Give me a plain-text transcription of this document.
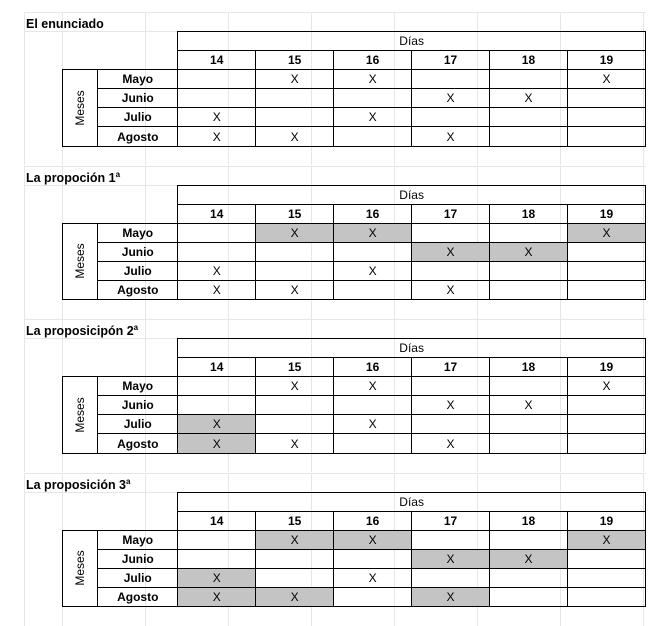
El enunciado
		Días					
		14	15	16	17	18	19

Meses	Mayo		X	X			X
	Junio				X	X	
	Julio	X		X			
	Agosto	X	X		X		
La propoción 1$^a$
		Días					
		14	15	16	17	18	19

Meses	Mayo		X	X			X
	Junio				X	X	
	Julio	X		X			
	Agosto	X	X		X		
La proposicipón 2$^a$
		Días					
		14	15	16	17	18	19

Meses	Mayo		X	X			X
	Junio				X	X	
	Julio	X		X			
	Agosto	X	X		X		
La proposición 3$^a$
		Días					
		14	15	16	17	18	19

Meses	Mayo		X	X			X
	Junio				X	X	
	Julio	X		X			
	Agosto	X	X		X		
